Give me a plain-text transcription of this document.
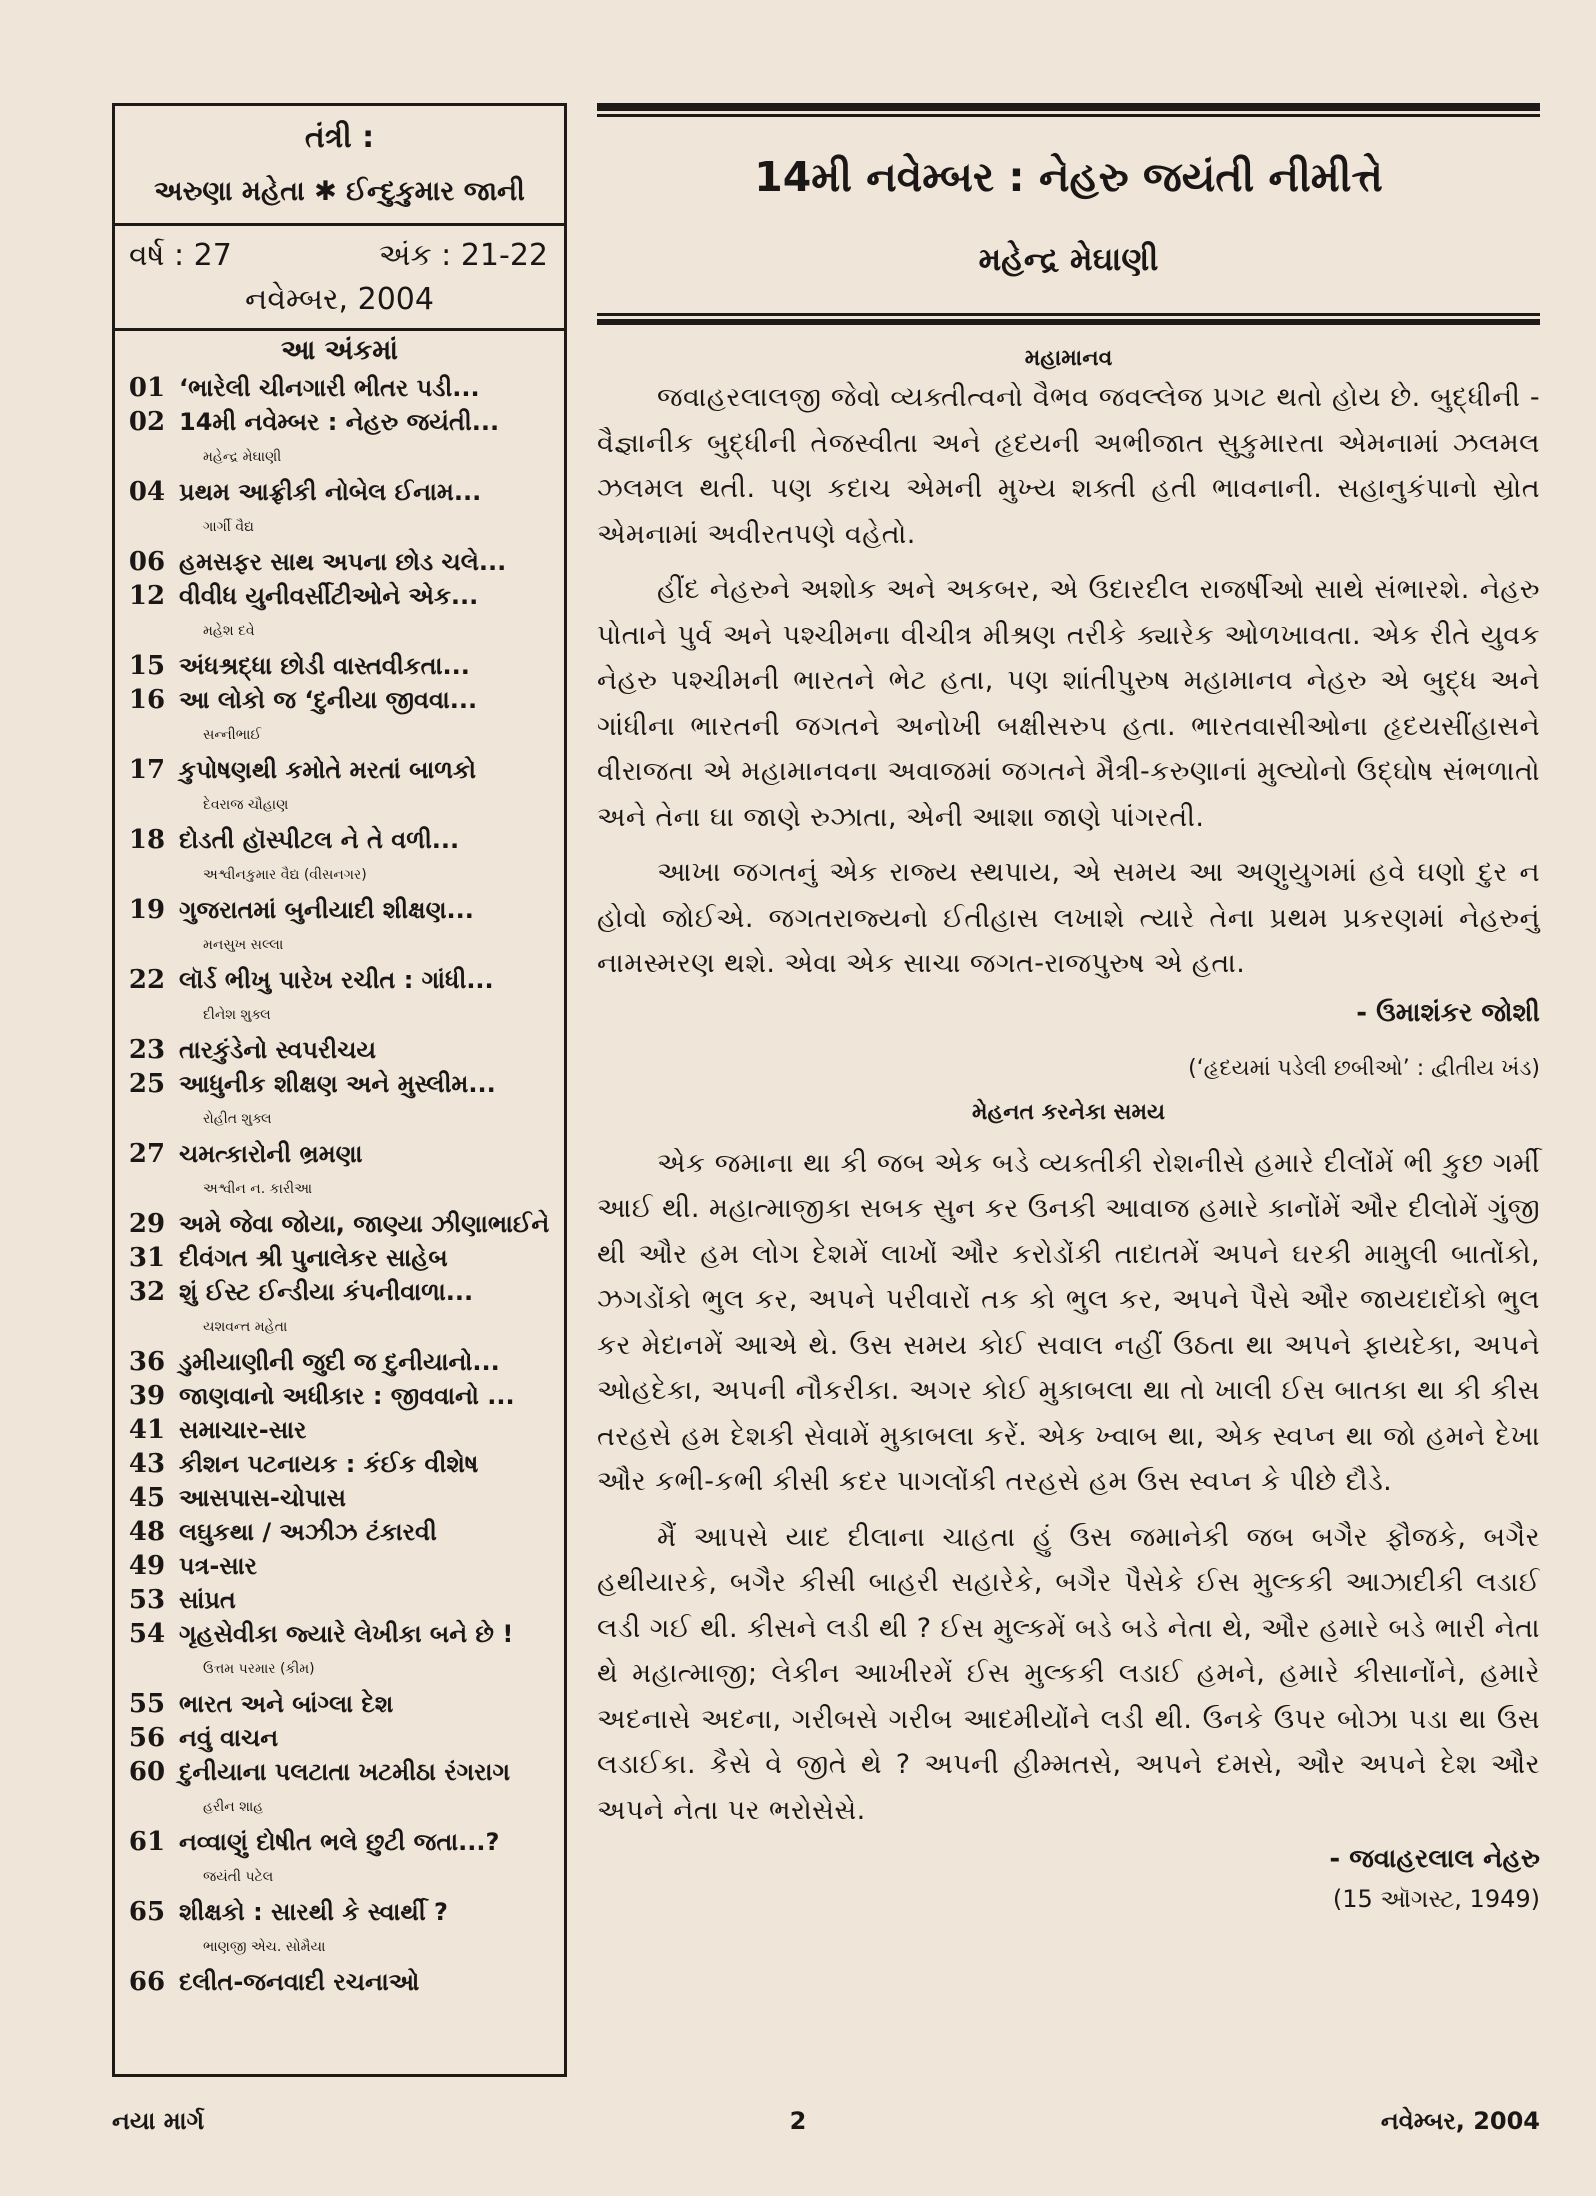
તંત્રી :
અરુણા મહેતા ✱ ઈન્દુકુમાર જાની
વર્ષ : 27	અંક : 21-22
નવેમ્બર, 2004
આ અંકમાં
01 ‘ભારેલી ચીનગારી ભીતર પડી...
02 14મી નવેમ્બર : નેહરુ જયંતી...
મહેન્દ્ર મેઘાણી
04 પ્રથમ આફ્રીકી નોબેલ ઈનામ...
ગાર્ગી વૈદ્ય
06 હમસફર સાથ અપના છોડ ચલે...
12 વીવીધ યુનીવર્સીટીઓને એક...
મહેશ દવે
15 અંધશ્રદ્ધા છોડી વાસ્તવીકતા...
16 આ લોકો જ ‘દુનીયા જીવવા...
સન્નીભાઈ
17 કુપોષણથી કમોતે મરતાં બાળકો
દેવરાજ ચૌહાણ
18 દોડતી હૉસ્પીટલ ને તે વળી...
અશ્વીનકુમાર વૈદ્ય (વીસનગર)
19 ગુજરાતમાં બુનીયાદી શીક્ષણ...
મનસુખ સલ્લા
22 લૉર્ડ ભીખુ પારેખ રચીત : ગાંધી...
દીનેશ શુક્લ
23 તારકુંડેનો સ્વપરીચય
25 આધુનીક શીક્ષણ અને મુસ્લીમ...
રોહીત શુક્લ
27 ચમત્કારોની ભ્રમણા
અશ્વીન ન. કારીઆ
29 અમે જેવા જોયા, જાણ્યા ઝીણાભાઈને
31 દીવંગત શ્રી પુનાલેકર સાહેબ
32 શું ઈસ્ટ ઈન્ડીયા કંપનીવાળા...
યશવન્ત મહેતા
36 ડુમીયાણીની જુદી જ દુનીયાનો...
39 જાણવાનો અધીકાર : જીવવાનો ...
41 સમાચાર-સાર
43 કીશન પટનાયક : કંઈક વીશેષ
45 આસપાસ-ચોપાસ
48 લઘુકથા / અઝીઝ ટંકારવી
49 પત્ર-સાર
53 સાંપ્રત
54 ગૃહસેવીકા જ્યારે લેખીકા બને છે !
ઉત્તમ પરમાર (કીમ)
55 ભારત અને બાંગ્લા દેશ
56 નવું વાચન
60 દુનીયાના પલટાતા ખટમીઠા રંગરાગ
હરીન શાહ
61 નવ્વાણું દોષીત ભલે છુટી જતા...?
જયંતી પટેલ
65 શીક્ષકો : સારથી કે સ્વાર્થી ?
ભાણજી એચ. સોમૈયા
66 દલીત-જનવાદી રચનાઓ
14મી નવેમ્બર : નેહરુ જયંતી નીમીત્તે
મહેન્દ્ર મેઘાણી
મહામાનવ

જવાહરલાલજી જેવો વ્યક્તીત્વનો વૈભવ જવલ્લેજ પ્રગટ થતો હોય છે. બુદ્ધીની - વૈજ્ઞાનીક બુદ્ધીની તેજસ્વીતા અને હૃદયની અભીજાત સુકુમારતા એમનામાં ઝલમલ ઝલમલ થતી. પણ કદાચ એમની મુખ્ય શક્તી હતી ભાવનાની. સહાનુકંપાનો સ્રોત એમનામાં અવીરતપણે વહેતો.

હીંદ નેહરુને અશોક અને અકબર, એ ઉદારદીલ રાજર્ષીઓ સાથે સંભારશે. નેહરુ પોતાને પુર્વ અને પશ્ચીમના વીચીત્ર મીશ્રણ તરીકે ક્યારેક ઓળખાવતા. એક રીતે યુવક નેહરુ પશ્ચીમની ભારતને ભેટ હતા, પણ શાંતીપુરુષ મહામાનવ નેહરુ એ બુદ્ધ અને ગાંધીના ભારતની જગતને અનોખી બક્ષીસરુપ હતા. ભારતવાસીઓના હૃદયસીંહાસને વીરાજતા એ મહામાનવના અવાજમાં જગતને મૈત્રી-કરુણાનાં મુલ્યોનો ઉદ્ઘોષ સંભળાતો અને તેના ઘા જાણે રુઝાતા, એની આશા જાણે પાંગરતી.

આખા જગતનું એક રાજ્ય સ્થપાય, એ સમય આ અણુયુગમાં હવે ઘણો દુર ન હોવો જોઈએ. જગતરાજ્યનો ઈતીહાસ લખાશે ત્યારે તેના પ્રથમ પ્રકરણમાં નેહરુનું નામસ્મરણ થશે. એવા એક સાચા જગત-રાજપુરુષ એ હતા.

- ઉમાશંકર જોશી
(‘હૃદયમાં પડેલી છબીઓ’ : દ્વીતીય ખંડ)
મેહનત કરનેકા સમય

એક જમાના થા કી જબ એક બડે વ્યક્તીકી રોશનીસે હમારે દીલોંમેં ભી કુછ ગર્મી આઈ થી. મહાત્માજીકા સબક સુન કર ઉનકી આવાજ હમારે કાનોંમેં ઔર દીલોમેં ગુંજી થી ઔર હમ લોગ દેશમેં લાખોં ઔર કરોડોંકી તાદાતમેં અપને ઘરકી મામુલી બાતોંકો, ઝગડોંકો ભુલ કર, અપને પરીવારોં તક કો ભુલ કર, અપને પૈસે ઔર જાયદાદોંકો ભુલ કર મેદાનમેં આએ થે. ઉસ સમય કોઈ સવાલ નહીં ઉઠતા થા અપને ફાયદેકા, અપને ઓહદેકા, અપની નૌકરીકા. અગર કોઈ મુકાબલા થા તો ખાલી ઈસ બાતકા થા કી કીસ તરહસે હમ દેશકી સેવામેં મુકાબલા કરેં. એક ખ્વાબ થા, એક સ્વપ્ન થા જો હમને દેખા ઔર કભી-કભી કીસી કદર પાગલોંકી તરહસે હમ ઉસ સ્વપ્ન કે પીછે દૌડે.

મૈં આપસે યાદ દીલાના ચાહતા હું ઉસ જમાનેકી જબ બગૈર ફૌજકે, બગૈર હથીયારકે, બગૈર કીસી બાહરી સહારેકે, બગૈર પૈસેકે ઈસ મુલ્કકી આઝાદીકી લડાઈ લડી ગઈ થી. કીસને લડી થી ? ઈસ મુલ્કમેં બડે બડે નેતા થે, ઔર હમારે બડે ભારી નેતા થે મહાત્માજી; લેકીન આખીરમેં ઈસ મુલ્કકી લડાઈ હમને, હમારે કીસાનોંને, હમારે અદનાસે અદના, ગરીબસે ગરીબ આદમીયોંને લડી થી. ઉનકે ઉપર બોઝા પડા થા ઉસ લડાઈકા. કૈસે વે જીતે થે ? અપની હીમ્મતસે, અપને દમસે, ઔર અપને દેશ ઔર અપને નેતા પર ભરોસેસે.

- જવાહરલાલ નેહરુ
(15 ઑગસ્ટ, 1949)
નયા માર્ગ	2	નવેમ્બર, 2004
